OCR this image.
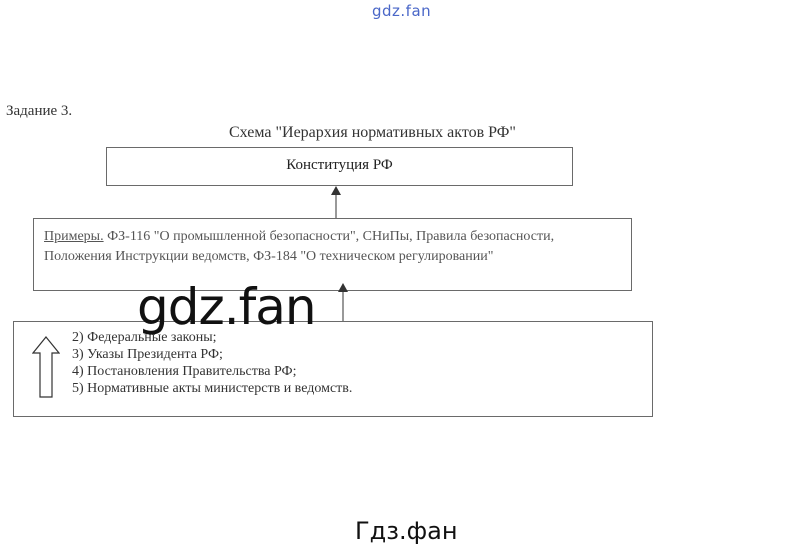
gdz.fan
Задание 3.
Схема "Иерархия нормативных актов РФ"
Конституция РФ
Примеры. ФЗ-116 "О промышленной безопасности", СНиПы, Правила безопасности, Положения Инструкции ведомств, ФЗ-184 "О техническом регулировании"
2) Федеральные законы;
3) Указы Президента РФ;
4) Постановления Правительства РФ;
5) Нормативные акты министерств и ведомств.
gdz.fan
Гдз.фан
